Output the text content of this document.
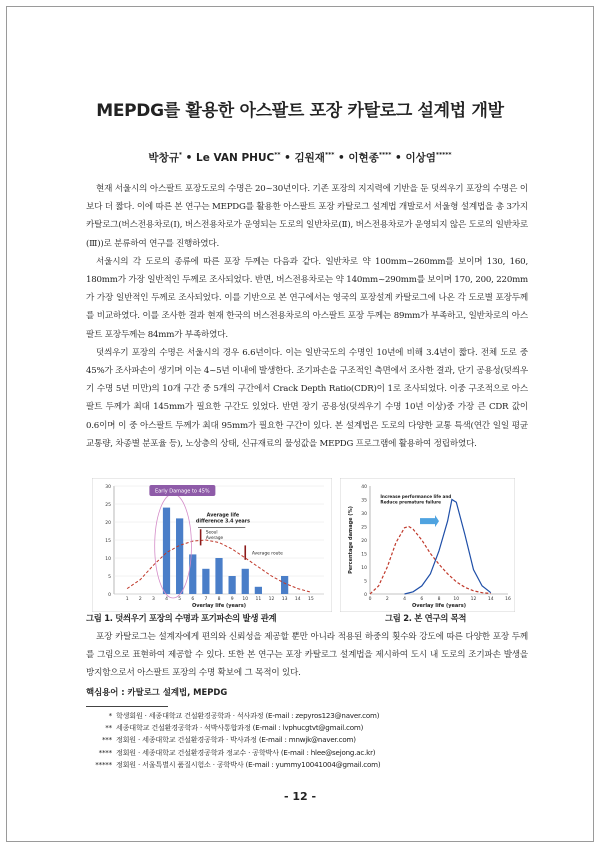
MEPDG를 활용한 아스팔트 포장 카탈로그 설계법 개발
박창규* • Le VAN PHUC** • 김원재*** • 이현종**** • 이상염*****

현재 서울시의 아스팔트 포장도로의 수명은 20~30년이다. 기존 포장의 지지력에 기반을 둔 덧씌우기 포장의 수명은 이보다 더 짧다. 이에 따른 본 연구는 MEPDG를 활용한 아스팔트 포장 카탈로그 설계법 개발로서 서울형 설계법을 총 3가지 카탈로그(버스전용차로(Ⅰ), 버스전용차로가 운영되는 도로의 일반차로(Ⅱ), 버스전용차로가 운영되지 않은 도로의 일반차로(Ⅲ))로 분류하여 연구를 진행하였다.

서울시의 각 도로의 종류에 따른 포장 두께는 다음과 같다. 일반차로 약 100mm~260mm를 보이며 130, 160, 180mm가 가장 일반적인 두께로 조사되었다. 반면, 버스전용차로는 약 140mm~290mm를 보이며 170, 200, 220mm가 가장 일반적인 두께로 조사되었다. 이를 기반으로 본 연구에서는 영국의 포장설계 카탈로그에 나온 각 도로별 포장두께를 비교하였다. 이를 조사한 결과 현재 한국의 버스전용차로의 아스팔트 포장 두께는 89mm가 부족하고, 일반차로의 아스팔트 포장두께는 84mm가 부족하였다.

덧씌우기 포장의 수명은 서울시의 경우 6.6년이다. 이는 일반국도의 수명인 10년에 비해 3.4년이 짧다. 전체 도로 중 45%가 조사파손이 생기며 이는 4~5년 이내에 발생한다. 조기파손을 구조적인 측면에서 조사한 결과, 단기 공용성(덧씌우기 수명 5년 미만)의 10개 구간 중 5개의 구간에서 Crack Depth Ratio(CDR)이 1로 조사되었다. 이중 구조적으로 아스팔트 두께가 최대 145mm가 필요한 구간도 있었다. 반면 장기 공용성(덧씌우기 수명 10년 이상)중 가장 큰 CDR 값이 0.6이며 이 중 아스팔트 두께가 최대 95mm가 필요한 구간이 있다. 본 설계법은 도로의 다양한 교통 특색(연간 일일 평균 교통량, 차종별 분포율 등), 노상층의 상태, 신규재료의 물성값을 MEPDG 프로그램에 활용하여 정립하였다.

0
5
10
15
20
25
30
1 2 3 4 5 6 7 8 9 10 11 12 13 14 15
Overlay life (years)
Early Damage to 45%
Average life
difference 3.4 years
Seoul
Average
Average route
그림 1. 덧씌우기 포장의 수명과 포기파손의 발생 관계
0
5
10
15
20
25
30
35
40
0	2	4	6	8	10	12	14	16
Overlay life (years)
Percentage damage (%)
Increase performance life and
Reduce premature failure
그림 2. 본 연구의 목적

포장 카탈로그는 설계자에게 편의와 신뢰성을 제공할 뿐만 아니라 적용된 하중의 횟수와 강도에 따른 다양한 포장 두께를 그림으로 표현하여 제공할 수 있다. 또한 본 연구는 포장 카탈로그 설계법을 제시하여 도시 내 도로의 조기파손 발생을 방지함으로서 아스팔트 포장의 수명 확보에 그 목적이 있다.

핵심용어 : 카탈로그 설계법, MEPDG
* 학생회원 · 세종대학교 건설환경공학과 · 석사과정 (E-mail : zepyros123@naver.com)
** 세종대학교 건설환경공학과 · 석박사통합과정 (E-mail : lvphucgtvt@gmail.com)
*** 정회원 · 세종대학교 건설환경공학과 · 박사과정 (E-mail : mnwjk@naver.com)
**** 정회원 · 세종대학교 건설환경공학과 정교수 · 공학박사 (E-mail : hlee@sejong.ac.kr)
***** 정회원 · 서울특별시 품질시험소 · 공학박사 (E-mail : yummy10041004@gmail.com)
- 12 -
